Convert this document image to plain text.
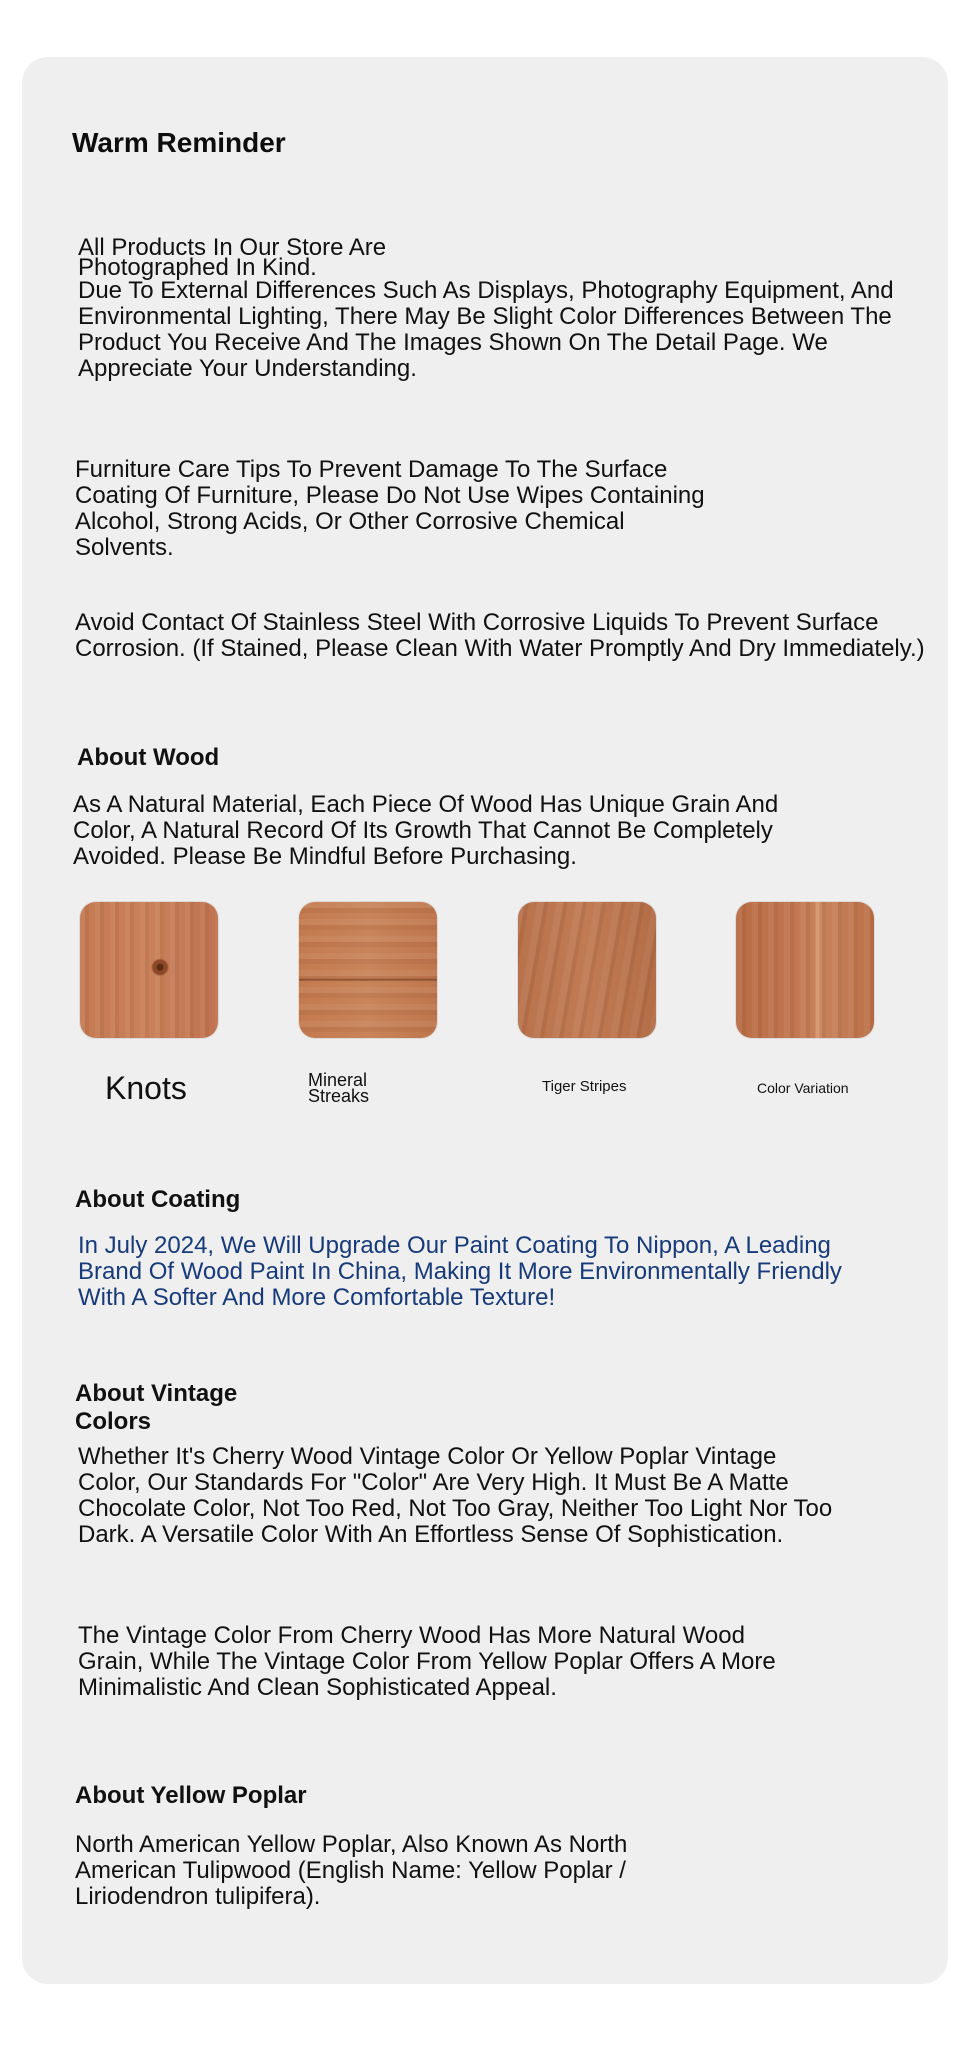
Warm Reminder
All Products In Our Store Are Photographed In Kind.
Due To External Differences Such As Displays, Photography Equipment, And Environmental Lighting, There May Be Slight Color Differences Between The Product You Receive And The Images Shown On The Detail Page. We Appreciate Your Understanding.

Furniture Care Tips To Prevent Damage To The Surface Coating Of Furniture, Please Do Not Use Wipes Containing Alcohol, Strong Acids, Or Other Corrosive Chemical Solvents.

Avoid Contact Of Stainless Steel With Corrosive Liquids To Prevent Surface Corrosion. (If Stained, Please Clean With Water Promptly And Dry Immediately.)

About Wood

As A Natural Material, Each Piece Of Wood Has Unique Grain And Color, A Natural Record Of Its Growth That Cannot Be Completely Avoided. Please Be Mindful Before Purchasing.

Knots	Mineral Streaks	Tiger Stripes	Color Variation
About Coating

In July 2024, We Will Upgrade Our Paint Coating To Nippon, A Leading Brand Of Wood Paint In China, Making It More Environmentally Friendly With A Softer And More Comfortable Texture!

About Vintage Colors

Whether It's Cherry Wood Vintage Color Or Yellow Poplar Vintage Color, Our Standards For "Color" Are Very High. It Must Be A Matte Chocolate Color, Not Too Red, Not Too Gray, Neither Too Light Nor Too Dark. A Versatile Color With An Effortless Sense Of Sophistication.

The Vintage Color From Cherry Wood Has More Natural Wood Grain, While The Vintage Color From Yellow Poplar Offers A More Minimalistic And Clean Sophisticated Appeal.

About Yellow Poplar

North American Yellow Poplar, Also Known As North American Tulipwood (English Name: Yellow Poplar / Liriodendron tulipifera).
